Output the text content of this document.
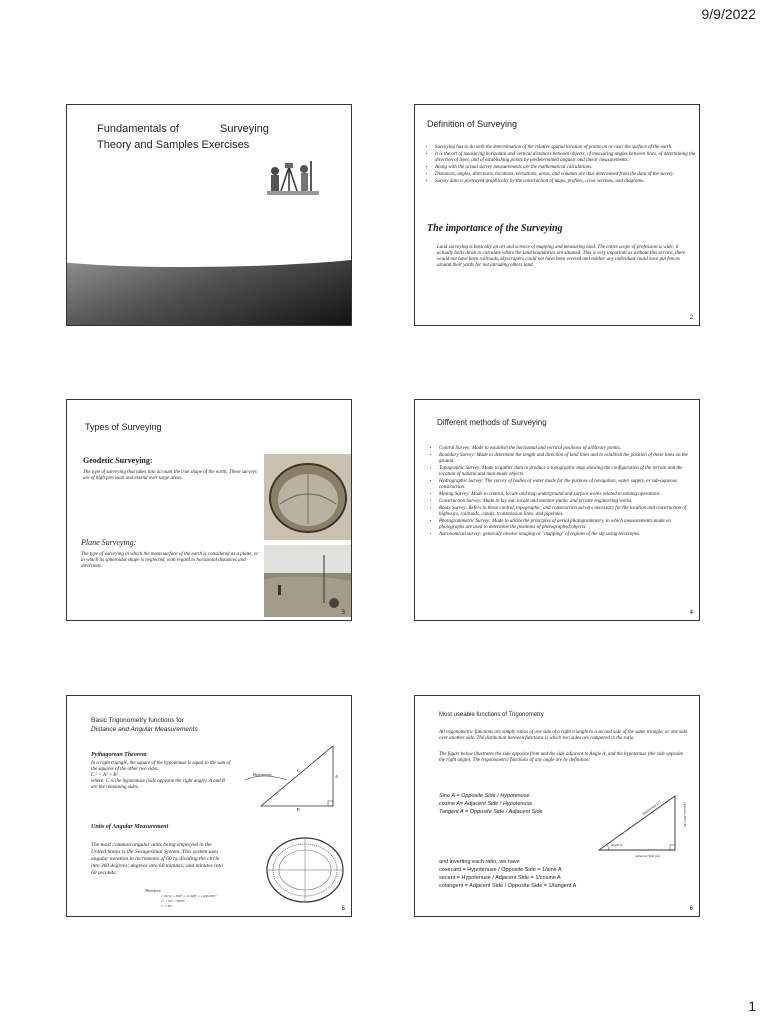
9/9/2022
Fundamentals of	Surveying
Theory and Samples Exercises
Definition of Surveying
• Surveying has to do with the determination of the relative spatial location of points on or near the surface of the earth.
• It is the art of measuring horizontal and vertical distances between objects, of measuring angles between lines, of determining the direction of lines, and of establishing points by predetermined angular and linear measurements.
• Along with the actual survey measurements are the mathematical calculations.
• Distances, angles, directions, locations, elevations, areas, and volumes are thus determined from the data of the survey.
• Survey data is portrayed graphically by the construction of maps, profiles, cross sections, and diagrams.
The importance of the Surveying
Land surveying is basically an art and science of mapping and measuring land. The entire scope of profession is wide; it actually boils down to calculate where the land boundaries are situated. This is very important as without this service, there would not have been railroads, skyscrapers could not have been erected and neither any individual could have put fences around their yards for not intruding others land.
2
Types of Surveying
Geodetic Surveying:
The type of surveying that takes into account the true shape of the earth. These surveys are of high precision and extend over large areas.
Plane Surveying:
The type of surveying in which the mean surface of the earth is considered as a plane, or in which its spheroidal shape is neglected, with regard to horizontal distances and directions.
3
Different methods of Surveying
• Control Survey: Made to establish the horizontal and vertical positions of arbitrary points.
• Boundary Survey: Made to determine the length and direction of land lines and to establish the position of these lines on the ground.
• Topographic Survey: Made to gather data to produce a topographic map showing the configuration of the terrain and the location of natural and man-made objects.
• Hydrographic Survey: The survey of bodies of water made for the purpose of navigation, water supply, or sub-aqueous construction.
• Mining Survey: Made to control, locate and map underground and surface works related to mining operations.
• Construction Survey: Made to lay out, locate and monitor public and private engineering works.
• Route Survey: Refers to those control, topographic, and construction surveys necessary for the location and construction of highways, railroads, canals, transmission lines, and pipelines.
• Photogrammetric Survey: Made to utilize the principles of aerial photogrammetry, in which measurements made on photographs are used to determine the positions of photographed objects.
• Astronomical survey: generally involve imaging or "mapping" of regions of the sky using telescopes.
4
Basic Trigonometry functions for
Distance and Angular Measurements
Pythagorean Theorem
In a right triangle, the square of the hypotenuse is equal to the sum of the squares of the other two sides.
C ² = A² + B²
where: C is the hypotenuse (side opposite the right angle). A and B are the remaining sides.
A
B
C
Hypotenuse
Units of Angular Measurement
The most common angular units being employed in the United States is the Sexagesimal System. This system uses angular notation in increments of 60 by dividing the circle into 360 degrees; degrees into 60 minutes; and minutes into 60 seconds.
Therefore,
1 circle = 360° = 21,600' = 1,296,000"
1° = 60' = 3600"
1' = 60"	5
Most useable functions of Trigonometry
All trigonometric functions are simply ratios of one side of a right triangle to a second side of the same triangle, or one side over another side. The distinction between functions is which two sides are compared in the ratio.
The figure below illustrates the side opposite from and the side adjacent to Angle A, and the hypotenuse (the side opposite the right angle). The trigonometric functions of any angle are by definition:
Sine A = Opposite Side / Hypotenuse
cosine A= Adjacent Side / Hypotenuse
Tangent A = Opposite Side / Adjacent Side	Hypotenuse (C)	Opposite Side (B)
Adjacent Side (A)
Angle A
and inverting each ratio, we have
cosecant = Hypotenuse / Opposite Side = 1/sine A
secant = Hypotenuse / Adjacent Side = 1/cosine A
cotangent = Adjacent Side / Opposite Side = 1/tangent A
6
1
